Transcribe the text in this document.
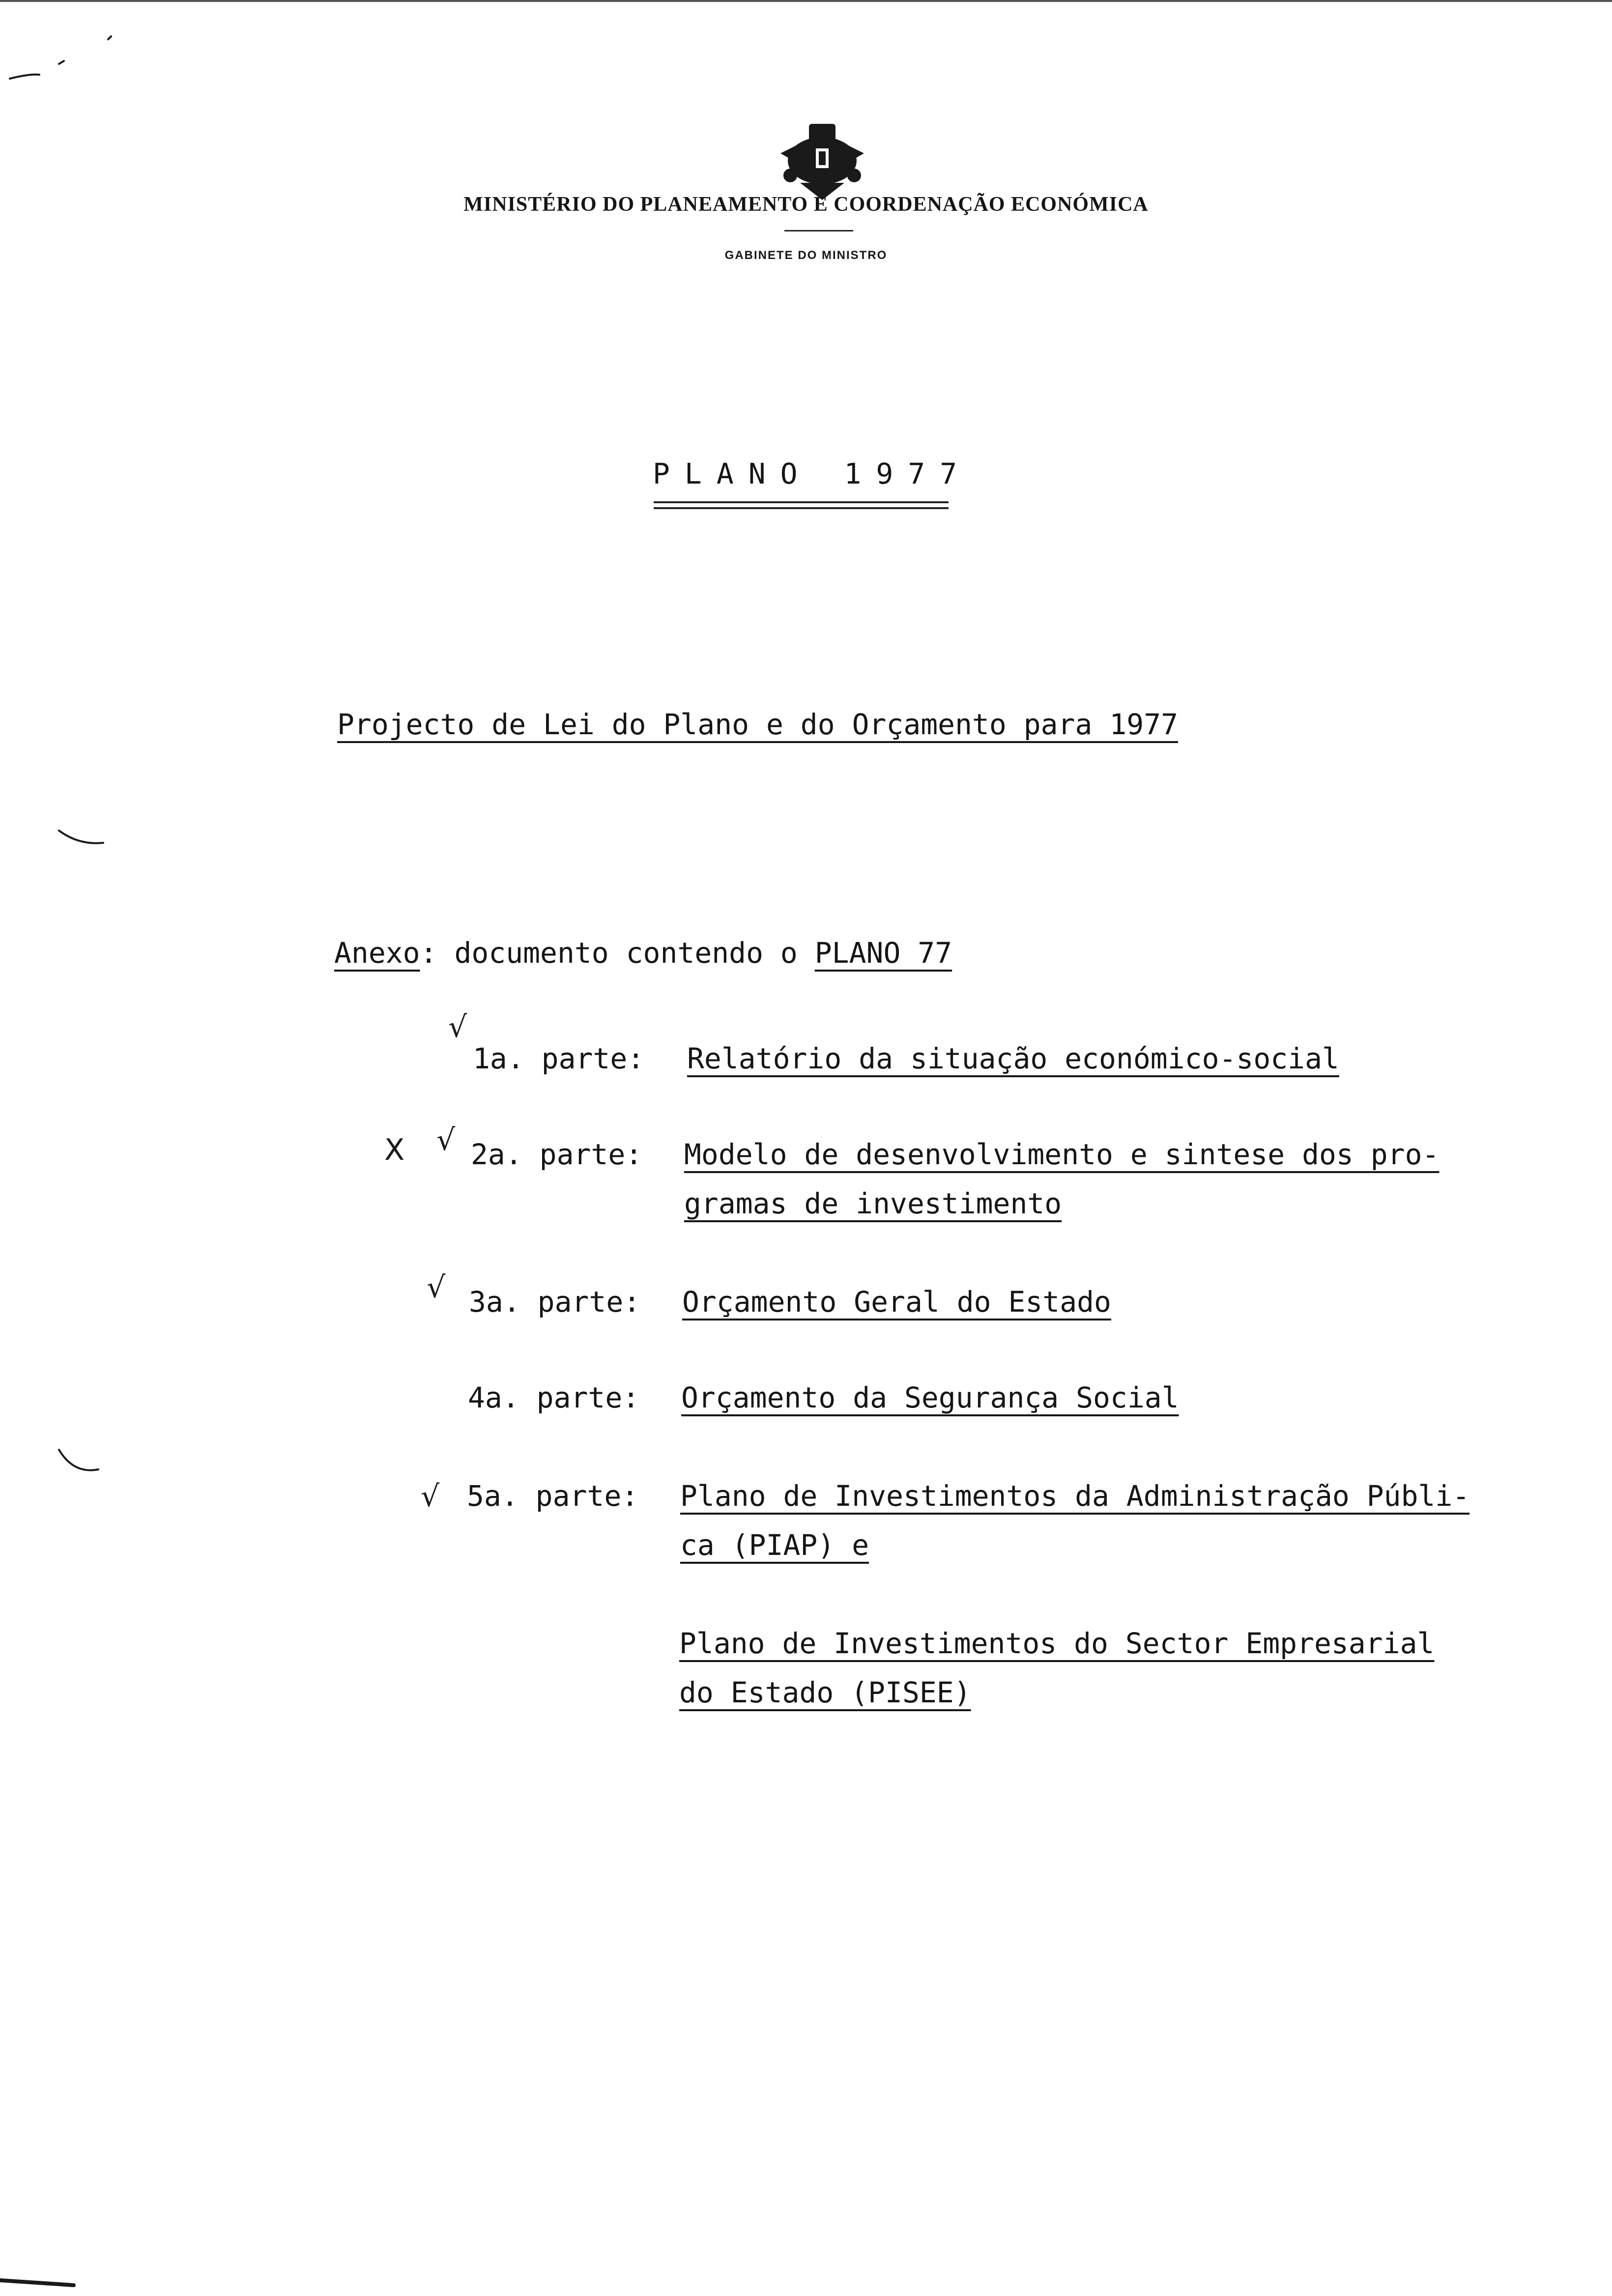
MINISTÉRIO DO PLANEAMENTO E COORDENAÇÃO ECONÓMICA
GABINETE DO MINISTRO
PLANO 1977
Projecto de Lei do Plano e do Orçamento para 1977
Anexo: documento contendo o PLANO 77
√
1a. parte: Relatório da situação económico-social
X √ 2a. parte: Modelo de desenvolvimento e sintese dos pro-
gramas de investimento
√ 3a. parte: Orçamento Geral do Estado
4a. parte: Orçamento da Segurança Social
√ 5a. parte: Plano de Investimentos da Administração Públi-
ca (PIAP) e
Plano de Investimentos do Sector Empresarial
do Estado (PISEE)
